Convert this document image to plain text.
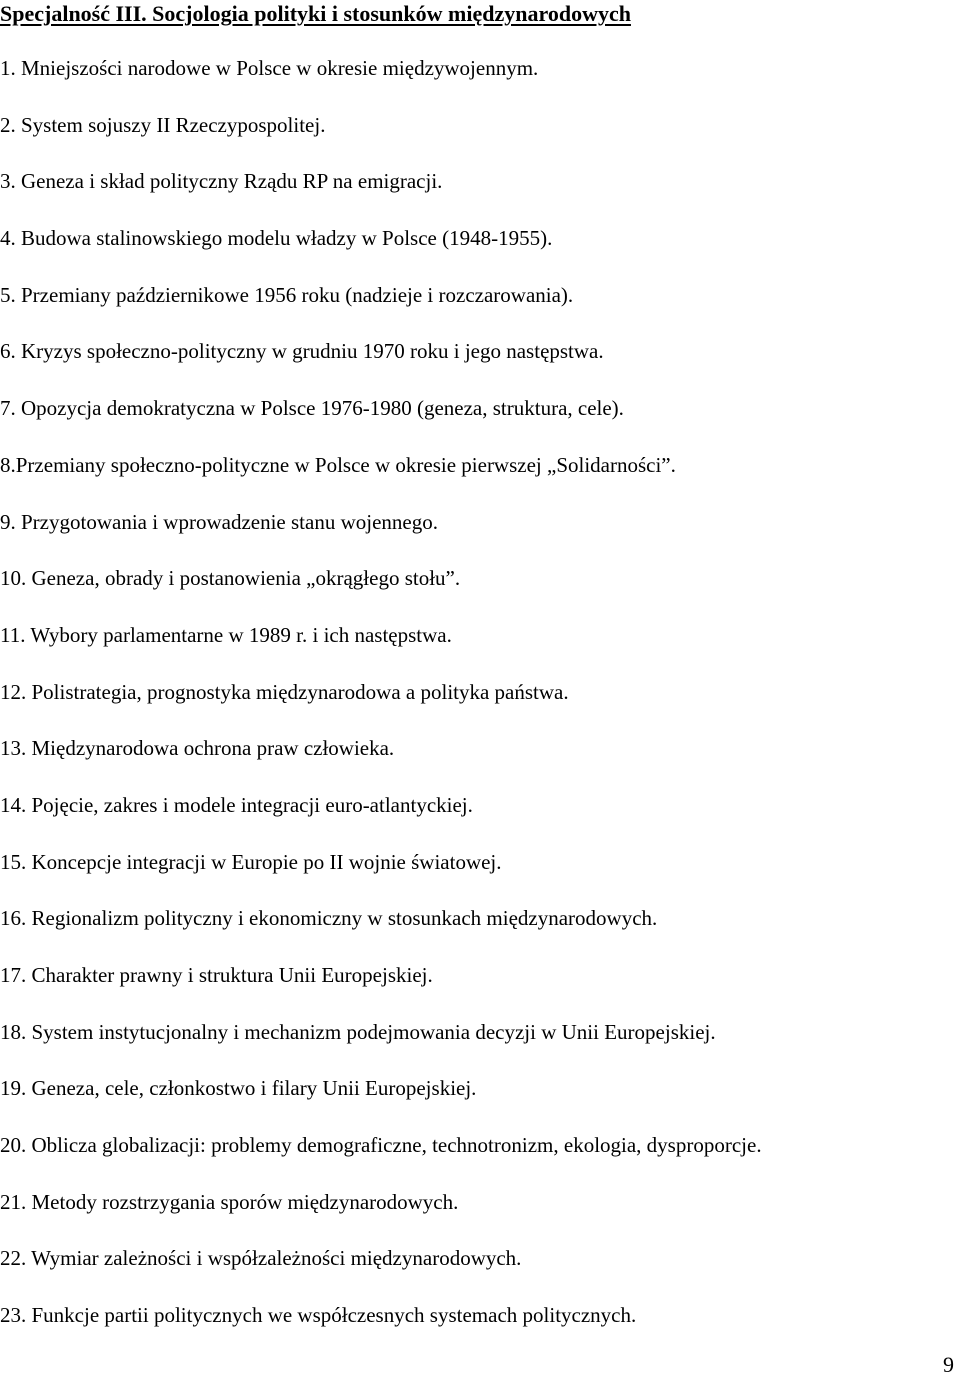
Specjalność III. Socjologia polityki i stosunków międzynarodowych
1. Mniejszości narodowe w Polsce w okresie międzywojennym.
2. System sojuszy II Rzeczypospolitej.
3. Geneza i skład polityczny Rządu RP na emigracji.
4. Budowa stalinowskiego modelu władzy w Polsce (1948-1955).
5. Przemiany październikowe 1956 roku (nadzieje i rozczarowania).
6. Kryzys społeczno-polityczny w grudniu 1970 roku i jego następstwa.
7. Opozycja demokratyczna w Polsce 1976-1980 (geneza, struktura, cele).
8.Przemiany społeczno-polityczne w Polsce w okresie pierwszej „Solidarności”.
9. Przygotowania i wprowadzenie stanu wojennego.
10. Geneza, obrady i postanowienia „okrągłego stołu”.
11. Wybory parlamentarne w 1989 r. i ich następstwa.
12. Polistrategia, prognostyka międzynarodowa a polityka państwa.
13. Międzynarodowa ochrona praw człowieka.
14. Pojęcie, zakres i modele integracji euro-atlantyckiej.
15. Koncepcje integracji w Europie po II wojnie światowej.
16. Regionalizm polityczny i ekonomiczny w stosunkach międzynarodowych.
17. Charakter prawny i struktura Unii Europejskiej.
18. System instytucjonalny i mechanizm podejmowania decyzji w Unii Europejskiej.
19. Geneza, cele, członkostwo i filary Unii Europejskiej.
20. Oblicza globalizacji: problemy demograficzne, technotronizm, ekologia, dysproporcje.
21. Metody rozstrzygania sporów międzynarodowych.
22. Wymiar zależności i współzależności międzynarodowych.
23. Funkcje partii politycznych we współczesnych systemach politycznych.
9
